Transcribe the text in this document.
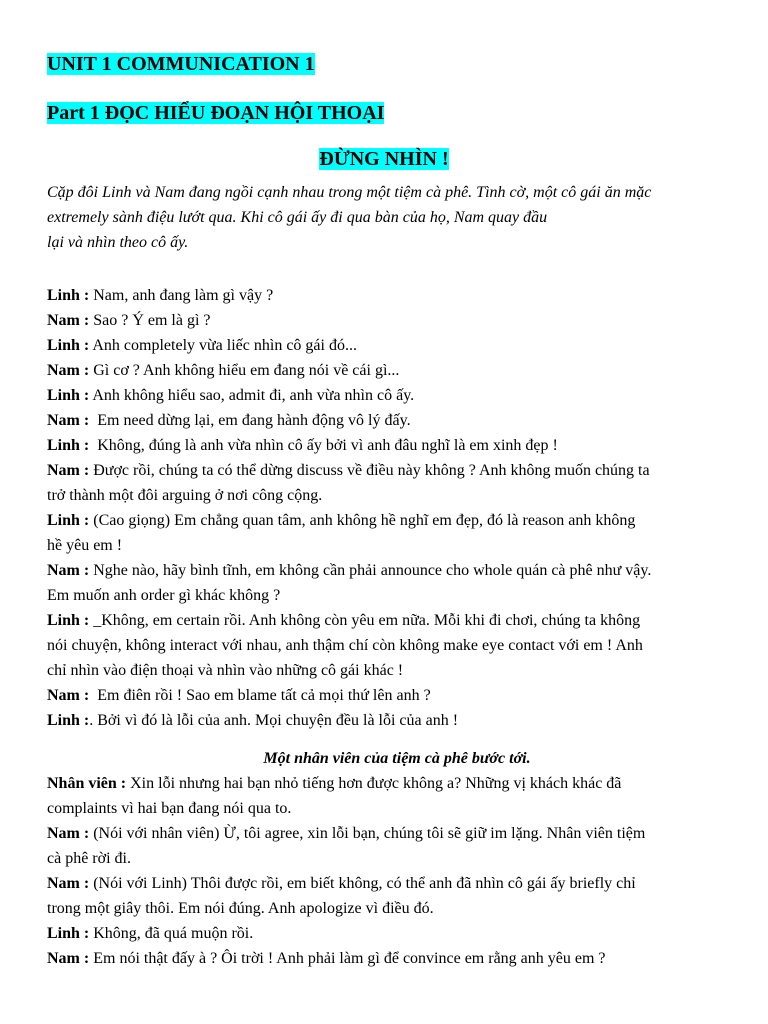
UNIT 1 COMMUNICATION 1
Part 1 ĐỌC HIỂU ĐOẠN HỘI THOẠI
ĐỪNG NHÌN !
Cặp đôi Linh và Nam đang ngồi cạnh nhau trong một tiệm cà phê. Tình cờ, một cô gái ăn mặc
extremely sành điệu lướt qua. Khi cô gái ấy đi qua bàn của họ, Nam quay đầu
lại và nhìn theo cô ấy.
Linh : Nam, anh đang làm gì vậy ?
Nam : Sao ? Ý em là gì ?
Linh : Anh completely vừa liếc nhìn cô gái đó...
Nam : Gì cơ ? Anh không hiểu em đang nói về cái gì...
Linh : Anh không hiểu sao, admit đi, anh vừa nhìn cô ấy.
Nam :  Em need dừng lại, em đang hành động vô lý đấy.
Linh :  Không, đúng là anh vừa nhìn cô ấy bởi vì anh đâu nghĩ là em xinh đẹp !
Nam : Được rồi, chúng ta có thể dừng discuss về điều này không ? Anh không muốn chúng ta
trở thành một đôi arguing ở nơi công cộng.
Linh : (Cao giọng) Em chẳng quan tâm, anh không hề nghĩ em đẹp, đó là reason anh không
hề yêu em !
Nam : Nghe nào, hãy bình tĩnh, em không cần phải announce cho whole quán cà phê như vậy.
Em muốn anh order gì khác không ?
Linh : _Không, em certain rồi. Anh không còn yêu em nữa. Mỗi khi đi chơi, chúng ta không
nói chuyện, không interact với nhau, anh thậm chí còn không make eye contact với em ! Anh
chỉ nhìn vào điện thoại và nhìn vào những cô gái khác !
Nam :  Em điên rồi ! Sao em blame tất cả mọi thứ lên anh ?
Linh :. Bởi vì đó là lỗi của anh. Mọi chuyện đều là lỗi của anh !
Một nhân viên của tiệm cà phê bước tới.
Nhân viên : Xin lỗi nhưng hai bạn nhỏ tiếng hơn được không a? Những vị khách khác đã
complaints vì hai bạn đang nói qua to.
Nam : (Nói với nhân viên) Ừ, tôi agree, xin lỗi bạn, chúng tôi sẽ giữ im lặng. Nhân viên tiệm
cà phê rời đi.
Nam : (Nói với Linh) Thôi được rồi, em biết không, có thể anh đã nhìn cô gái ấy briefly chỉ
trong một giây thôi. Em nói đúng. Anh apologize vì điều đó.
Linh : Không, đã quá muộn rồi.
Nam : Em nói thật đấy à ? Ôi trời ! Anh phải làm gì để convince em rằng anh yêu em ?
